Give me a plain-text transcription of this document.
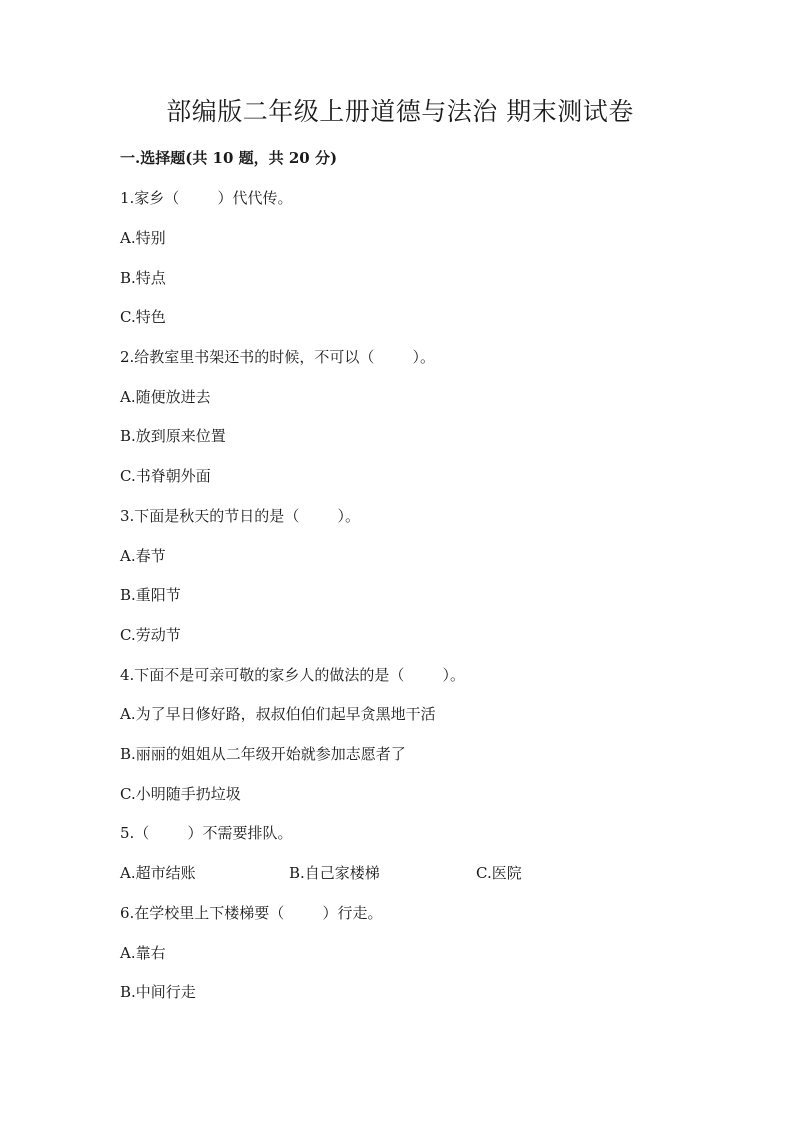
部编版二年级上册道德与法治 期末测试卷
一.选择题(共 10 题，共 20 分)
1.家乡（        ）代代传。
A.特别
B.特点
C.特色
2.给教室里书架还书的时候，不可以（        ）。
A.随便放进去
B.放到原来位置
C.书脊朝外面
3.下面是秋天的节日的是（        ）。
A.春节
B.重阳节
C.劳动节
4.下面不是可亲可敬的家乡人的做法的是（        ）。
A.为了早日修好路，叔叔伯伯们起早贪黑地干活
B.丽丽的姐姐从二年级开始就参加志愿者了
C.小明随手扔垃圾
5.（        ）不需要排队。
A.超市结账	B.自己家楼梯	C.医院
6.在学校里上下楼梯要（        ）行走。
A.靠右
B.中间行走
